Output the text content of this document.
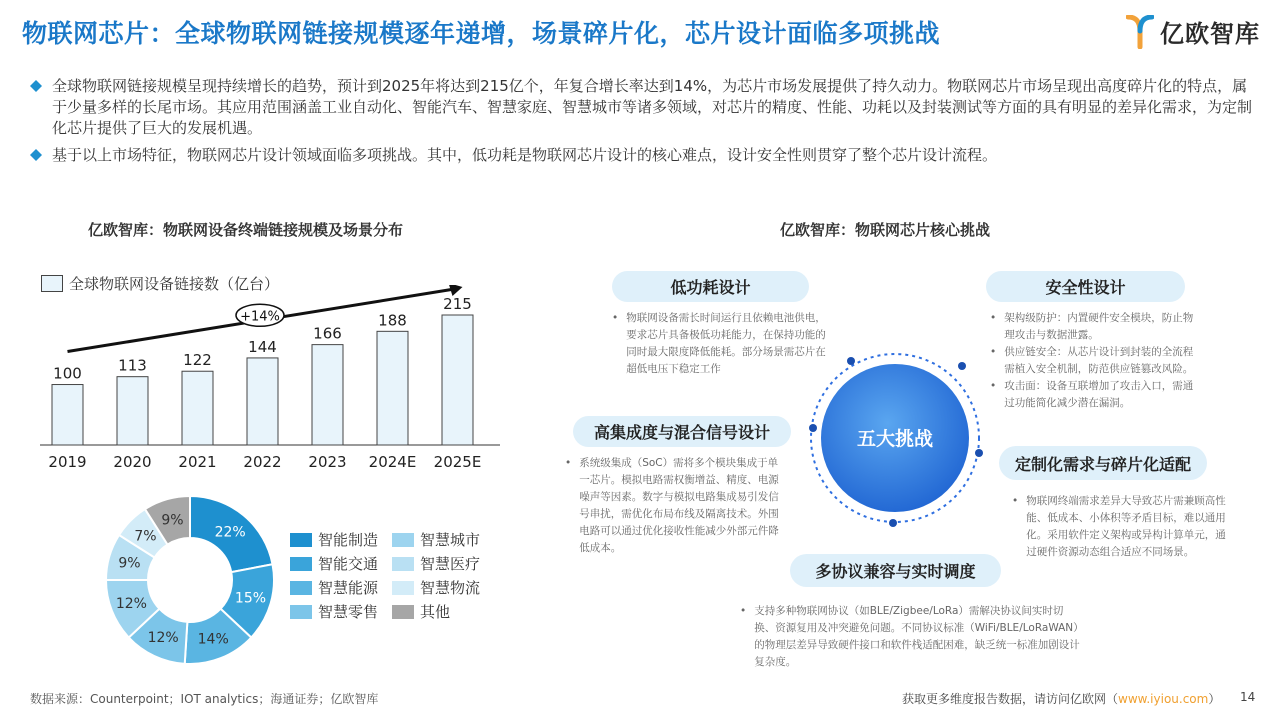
物联网芯片：全球物联网链接规模逐年递增，场景碎片化，芯片设计面临多项挑战	亿欧智库
全球物联网链接规模呈现持续增长的趋势，预计到2025年将达到215亿个，年复合增长率达到14%，为芯片市场发展提供了持久动力。物联网芯片市场呈现出高度碎片化的特点，属于少量多样的长尾市场。其应用范围涵盖工业自动化、智能汽车、智慧家庭、智慧城市等诸多领域，对芯片的精度、性能、功耗以及封装测试等方面的具有明显的差异化需求，为定制化芯片提供了巨大的发展机遇。
基于以上市场特征，物联网芯片设计领域面临多项挑战。其中，低功耗是物联网芯片设计的核心难点，设计安全性则贯穿了整个芯片设计流程。
亿欧智库：物联网设备终端链接规模及场景分布
全球物联网设备链接数（亿台）
100
2019
113
2020
122
2021
144
2022
166
2023
188
2024E
215
2025E
+14%
22%
15%
14%
12%
12%
9%
7%
9%
智能制造	智慧城市
智能交通	智慧医疗
智慧能源	智慧物流
智慧零售	其他
亿欧智库：物联网芯片核心挑战
五大挑战
低功耗设计
• 物联网设备需长时间运行且依赖电池供电，要求芯片具备极低功耗能力，在保持功能的同时最大限度降低能耗。部分场景需芯片在超低电压下稳定工作
安全性设计
• 架构级防护：内置硬件安全模块，防止物理攻击与数据泄露。
• 供应链安全：从芯片设计到封装的全流程需植入安全机制，防范供应链篡改风险。
• 攻击面：设备互联增加了攻击入口，需通过功能简化减少潜在漏洞。
高集成度与混合信号设计
• 系统级集成（SoC）需将多个模块集成于单一芯片。模拟电路需权衡增益、精度、电源噪声等因素。数字与模拟电路集成易引发信号串扰，需优化布局布线及隔离技术。外围电路可以通过优化接收性能减少外部元件降低成本。
定制化需求与碎片化适配
• 物联网终端需求差异大导致芯片需兼顾高性能、低成本、小体积等矛盾目标，难以通用化。采用软件定义架构或异构计算单元，通过硬件资源动态组合适应不同场景。
多协议兼容与实时调度
• 支持多种物联网协议（如BLE/Zigbee/LoRa）需解决协议间实时切换、资源复用及冲突避免问题。不同协议标准（WiFi/BLE/LoRaWAN）的物理层差异导致硬件接口和软件栈适配困难，缺乏统一标准加剧设计复杂度。
数据来源：Counterpoint；IOT analytics；海通证券；亿欧智库	获取更多维度报告数据，请访问亿欧网（www.iyiou.com） 14
